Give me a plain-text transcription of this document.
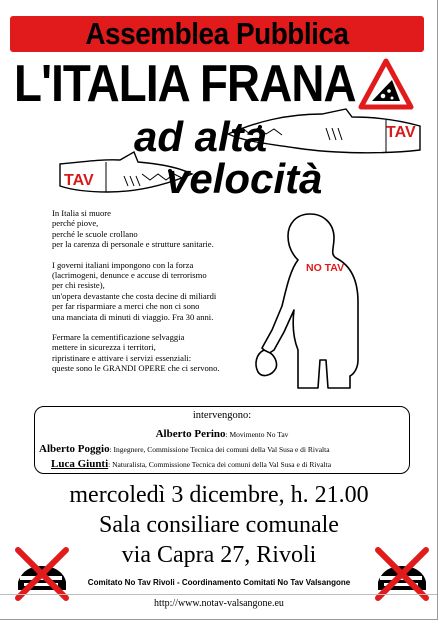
Assemblea Pubblica
L'ITALIA FRANA
TAV
TAV
ad alta
velocità

In Italia si muore
perché piove,
perché le scuole crollano
per la carenza di personale e strutture sanitarie.

I governi italiani impongono con la forza
(lacrimogeni, denunce e accuse di terrorismo
per chi resiste),
un'opera devastante che costa decine di miliardi
per far risparmiare a merci che non ci sono
una manciata di minuti di viaggio. Fra 30 anni.

Fermare la cementificazione selvaggia
mettere in sicurezza i territori,
ripristinare e attivare i servizi essenziali:
queste sono le GRANDI OPERE che ci servono.

NO TAV
intervengono:
Alberto Perino: Movimento No Tav
Alberto Poggio: Ingegnere, Commissione Tecnica dei comuni della Val Susa e di Rivalta
Luca Giunti: Naturalista, Commissione Tecnica dei comuni della Val Susa e di Rivalta
mercoledì 3 dicembre, h. 21.00
Sala consiliare comunale
via Capra 27, Rivoli
Comitato No Tav Rivoli - Coordinamento Comitati No Tav Valsangone
http://www.notav-valsangone.eu
